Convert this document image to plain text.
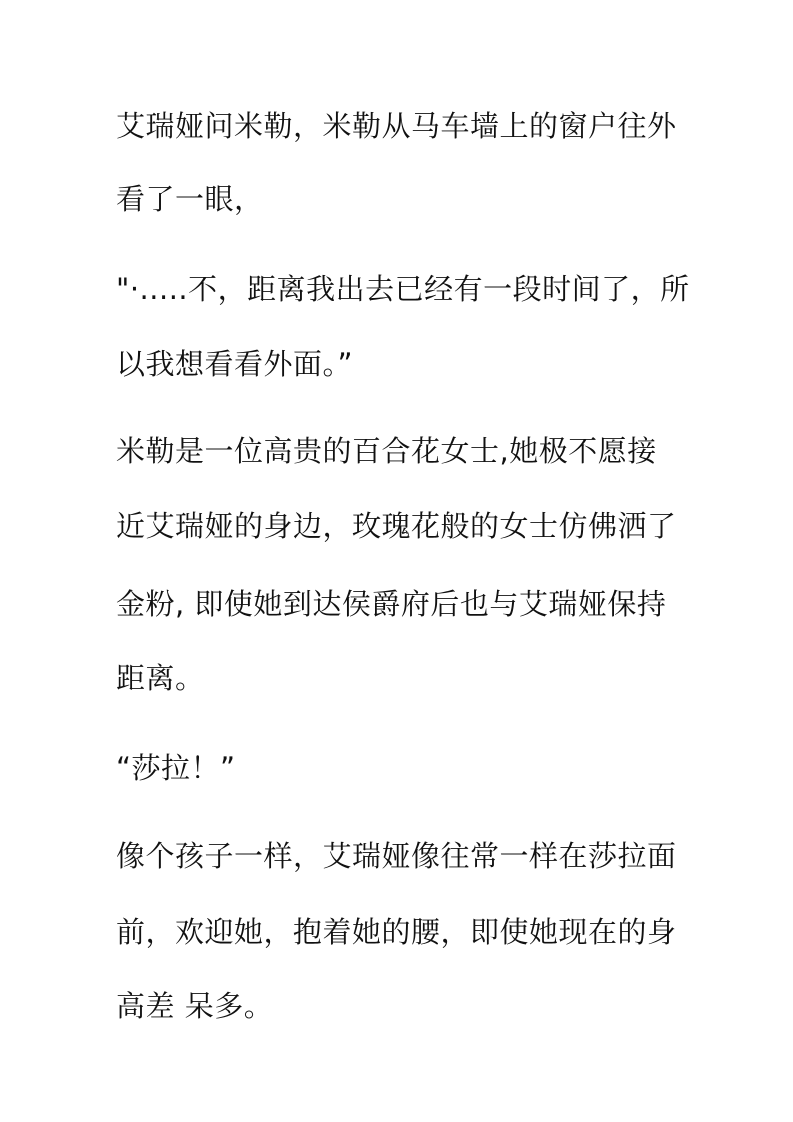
艾瑞娅问米勒，米勒从马车墙上的窗户往外
看了一眼，
"·.....不，距离我出去已经有一段时间了，所
以我想看看外面。”
米勒是一位高贵的百合花女士,她极不愿接
近艾瑞娅的身边，玫瑰花般的女士仿佛洒了
金粉, 即使她到达侯爵府后也与艾瑞娅保持
距离。
“莎拉！”
像个孩子一样，艾瑞娅像往常一样在莎拉面
前，欢迎她，抱着她的腰，即使她现在的身
高差 呆多。
